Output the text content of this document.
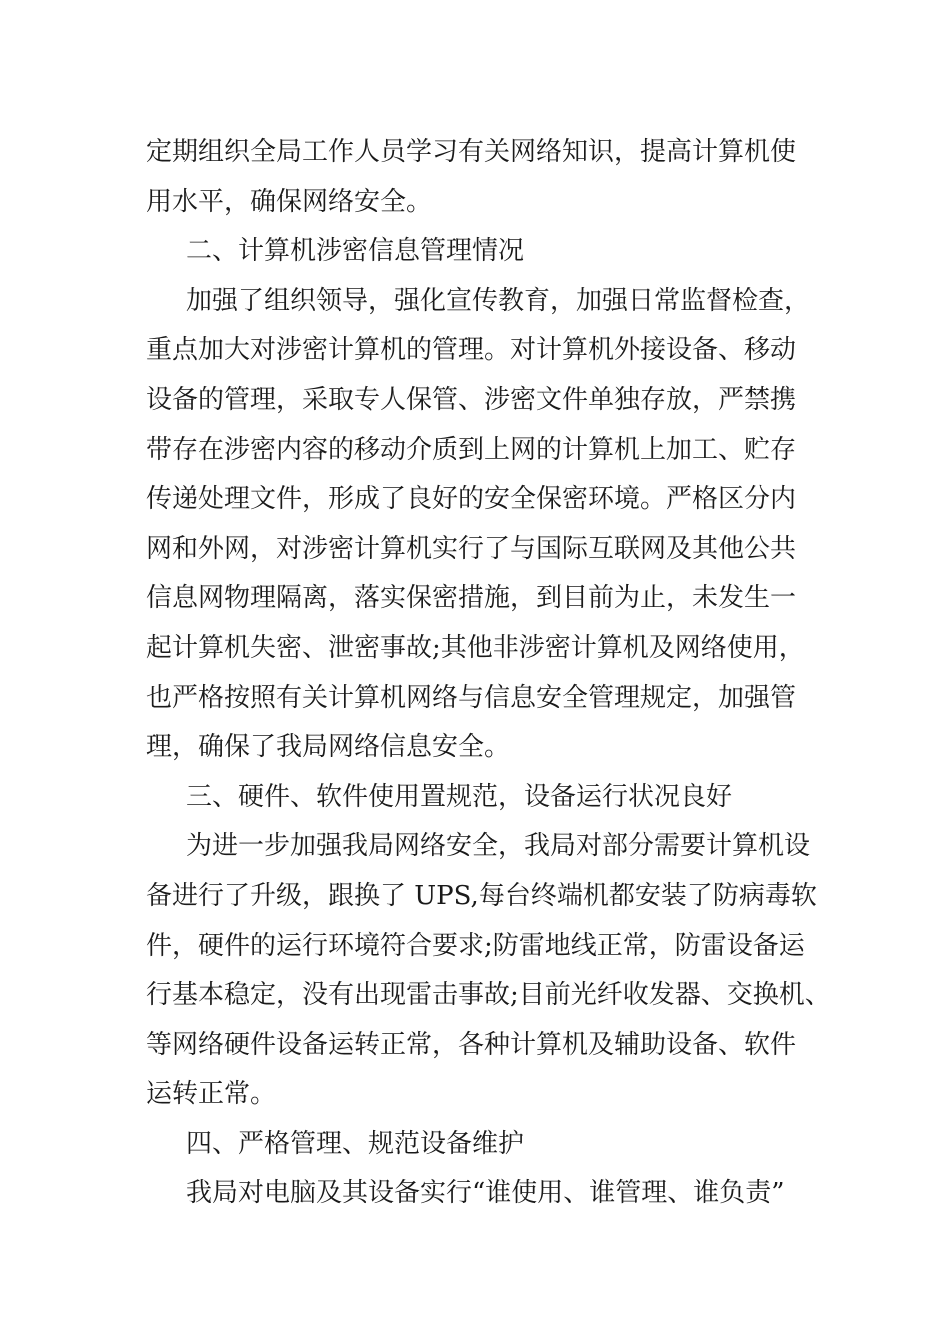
定期组织全局工作人员学习有关网络知识，提高计算机使
用水平，确保网络安全。
二、计算机涉密信息管理情况
加强了组织领导，强化宣传教育，加强日常监督检查，
重点加大对涉密计算机的管理。对计算机外接设备、移动
设备的管理，采取专人保管、涉密文件单独存放，严禁携
带存在涉密内容的移动介质到上网的计算机上加工、贮存
传递处理文件，形成了良好的安全保密环境。严格区分内
网和外网，对涉密计算机实行了与国际互联网及其他公共
信息网物理隔离，落实保密措施，到目前为止，未发生一
起计算机失密、泄密事故;其他非涉密计算机及网络使用，
也严格按照有关计算机网络与信息安全管理规定，加强管
理，确保了我局网络信息安全。
三、硬件、软件使用置规范，设备运行状况良好
为进一步加强我局网络安全，我局对部分需要计算机设
备进行了升级，跟换了 UPS,每台终端机都安装了防病毒软
件，硬件的运行环境符合要求;防雷地线正常，防雷设备运
行基本稳定，没有出现雷击事故;目前光纤收发器、交换机、
等网络硬件设备运转正常，各种计算机及辅助设备、软件
运转正常。
四、严格管理、规范设备维护
我局对电脑及其设备实行“谁使用、谁管理、谁负责”
